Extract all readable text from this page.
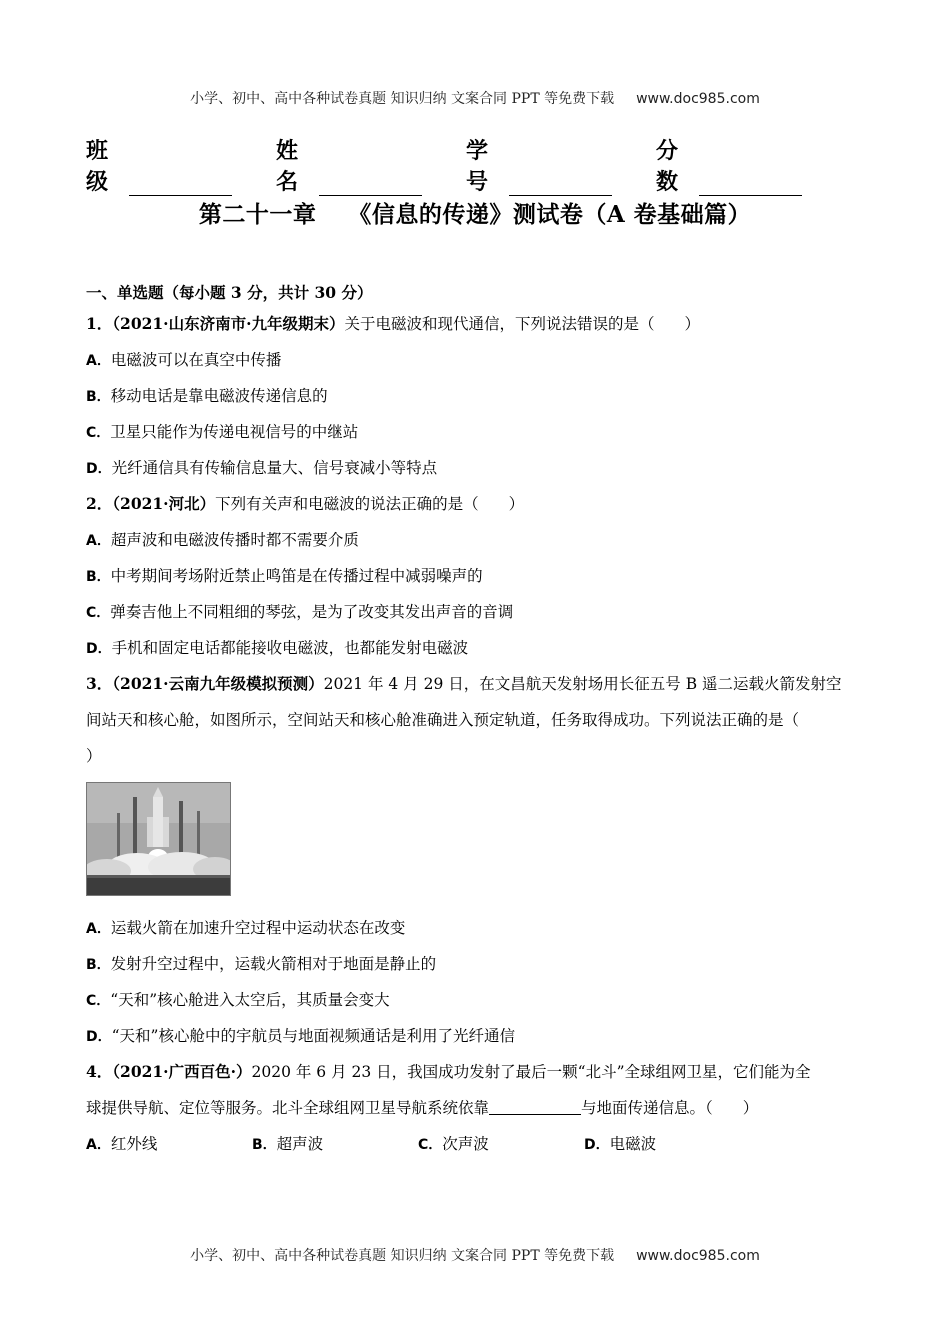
小学、初中、高中各种试卷真题 知识归纳 文案合同 PPT 等免费下载 www.doc985.com
班级
姓名
学号
分数
第二十一章 《信息的传递》测试卷（A 卷基础篇）
一、单选题（每小题 3 分，共计 30 分）
1．（2021·山东济南市·九年级期末）关于电磁波和现代通信，下列说法错误的是（ ）
A．电磁波可以在真空中传播
B．移动电话是靠电磁波传递信息的
C．卫星只能作为传递电视信号的中继站
D．光纤通信具有传输信息量大、信号衰减小等特点
2．（2021·河北）下列有关声和电磁波的说法正确的是（ ）
A．超声波和电磁波传播时都不需要介质
B．中考期间考场附近禁止鸣笛是在传播过程中减弱噪声的
C．弹奏吉他上不同粗细的琴弦，是为了改变其发出声音的音调
D．手机和固定电话都能接收电磁波，也都能发射电磁波
3．（2021·云南九年级模拟预测）2021 年 4 月 29 日，在文昌航天发射场用长征五号 B 遥二运载火箭发射空
间站天和核心舱，如图所示，空间站天和核心舱准确进入预定轨道，任务取得成功。下列说法正确的是（
）
A．运载火箭在加速升空过程中运动状态在改变
B．发射升空过程中，运载火箭相对于地面是静止的
C．“天和”核心舱进入太空后，其质量会变大
D．“天和”核心舱中的宇航员与地面视频通话是利用了光纤通信
4．（2021·广西百色·）2020 年 6 月 23 日，我国成功发射了最后一颗“北斗”全球组网卫星，它们能为全
球提供导航、定位等服务。北斗全球组网卫星导航系统依靠	与地面传递信息。（ ）
A．红外线	B．超声波	C．次声波	D．电磁波
小学、初中、高中各种试卷真题 知识归纳 文案合同 PPT 等免费下载 www.doc985.com
